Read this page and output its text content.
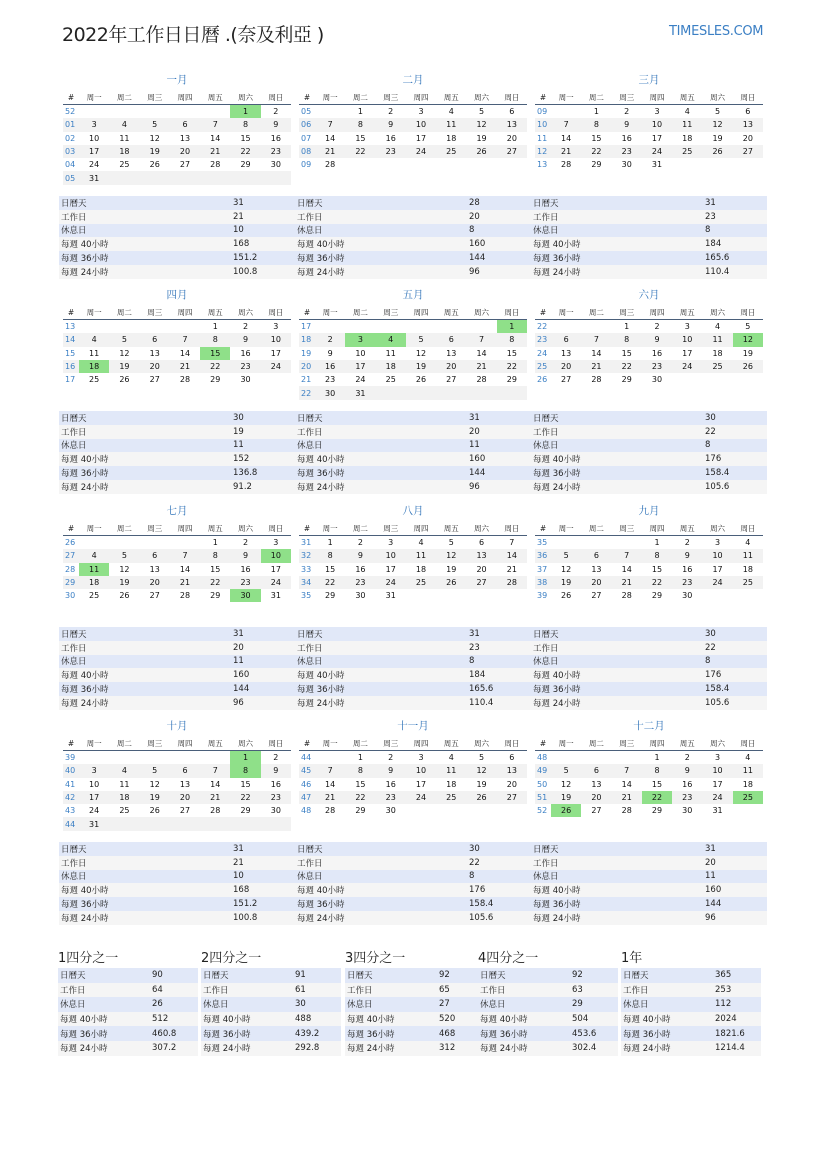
2022年工作日日曆 .(奈及利亞 )	TIMESLES.COM
一月
#	周一	周二	周三	周四	周五	周六	周日
52						1	2
01	3	4	5	6	7	8	9
02	10	11	12	13	14	15	16
03	17	18	19	20	21	22	23
04	24	25	26	27	28	29	30
05	31						
日曆天	31
工作日	21
休息日	10
每週 40小時	168
每週 36小時	151.2
每週 24小時	100.8
二月
#	周一	周二	周三	周四	周五	周六	周日
05		1	2	3	4	5	6
06	7	8	9	10	11	12	13
07	14	15	16	17	18	19	20
08	21	22	23	24	25	26	27
09	28						
日曆天	28
工作日	20
休息日	8
每週 40小時	160
每週 36小時	144
每週 24小時	96
三月
#	周一	周二	周三	周四	周五	周六	周日
09		1	2	3	4	5	6
10	7	8	9	10	11	12	13
11	14	15	16	17	18	19	20
12	21	22	23	24	25	26	27
13	28	29	30	31			
日曆天	31
工作日	23
休息日	8
每週 40小時	184
每週 36小時	165.6
每週 24小時	110.4
四月
#	周一	周二	周三	周四	周五	周六	周日
13					1	2	3
14	4	5	6	7	8	9	10
15	11	12	13	14	15	16	17
16	18	19	20	21	22	23	24
17	25	26	27	28	29	30	
日曆天	30
工作日	19
休息日	11
每週 40小時	152
每週 36小時	136.8
每週 24小時	91.2
五月
#	周一	周二	周三	周四	周五	周六	周日
17							1
18	2	3	4	5	6	7	8
19	9	10	11	12	13	14	15
20	16	17	18	19	20	21	22
21	23	24	25	26	27	28	29
22	30	31					
日曆天	31
工作日	20
休息日	11
每週 40小時	160
每週 36小時	144
每週 24小時	96
六月
#	周一	周二	周三	周四	周五	周六	周日
22			1	2	3	4	5
23	6	7	8	9	10	11	12
24	13	14	15	16	17	18	19
25	20	21	22	23	24	25	26
26	27	28	29	30			
日曆天	30
工作日	22
休息日	8
每週 40小時	176
每週 36小時	158.4
每週 24小時	105.6
七月
#	周一	周二	周三	周四	周五	周六	周日
26					1	2	3
27	4	5	6	7	8	9	10
28	11	12	13	14	15	16	17
29	18	19	20	21	22	23	24
30	25	26	27	28	29	30	31
日曆天	31
工作日	20
休息日	11
每週 40小時	160
每週 36小時	144
每週 24小時	96
八月
#	周一	周二	周三	周四	周五	周六	周日
31	1	2	3	4	5	6	7
32	8	9	10	11	12	13	14
33	15	16	17	18	19	20	21
34	22	23	24	25	26	27	28
35	29	30	31				
日曆天	31
工作日	23
休息日	8
每週 40小時	184
每週 36小時	165.6
每週 24小時	110.4
九月
#	周一	周二	周三	周四	周五	周六	周日
35				1	2	3	4
36	5	6	7	8	9	10	11
37	12	13	14	15	16	17	18
38	19	20	21	22	23	24	25
39	26	27	28	29	30		
日曆天	30
工作日	22
休息日	8
每週 40小時	176
每週 36小時	158.4
每週 24小時	105.6
十月
#	周一	周二	周三	周四	周五	周六	周日
39						1	2
40	3	4	5	6	7	8	9
41	10	11	12	13	14	15	16
42	17	18	19	20	21	22	23
43	24	25	26	27	28	29	30
44	31						
日曆天	31
工作日	21
休息日	10
每週 40小時	168
每週 36小時	151.2
每週 24小時	100.8
十一月
#	周一	周二	周三	周四	周五	周六	周日
44		1	2	3	4	5	6
45	7	8	9	10	11	12	13
46	14	15	16	17	18	19	20
47	21	22	23	24	25	26	27
48	28	29	30				
日曆天	30
工作日	22
休息日	8
每週 40小時	176
每週 36小時	158.4
每週 24小時	105.6
十二月
#	周一	周二	周三	周四	周五	周六	周日
48				1	2	3	4
49	5	6	7	8	9	10	11
50	12	13	14	15	16	17	18
51	19	20	21	22	23	24	25
52	26	27	28	29	30	31	
日曆天	31
工作日	20
休息日	11
每週 40小時	160
每週 36小時	144
每週 24小時	96
1四分之一
日曆天	90
工作日	64
休息日	26
每週 40小時	512
每週 36小時	460.8
每週 24小時	307.2
2四分之一
日曆天	91
工作日	61
休息日	30
每週 40小時	488
每週 36小時	439.2
每週 24小時	292.8
3四分之一
日曆天	92
工作日	65
休息日	27
每週 40小時	520
每週 36小時	468
每週 24小時	312
4四分之一
日曆天	92
工作日	63
休息日	29
每週 40小時	504
每週 36小時	453.6
每週 24小時	302.4
1年
日曆天	365
工作日	253
休息日	112
每週 40小時	2024
每週 36小時	1821.6
每週 24小時	1214.4
